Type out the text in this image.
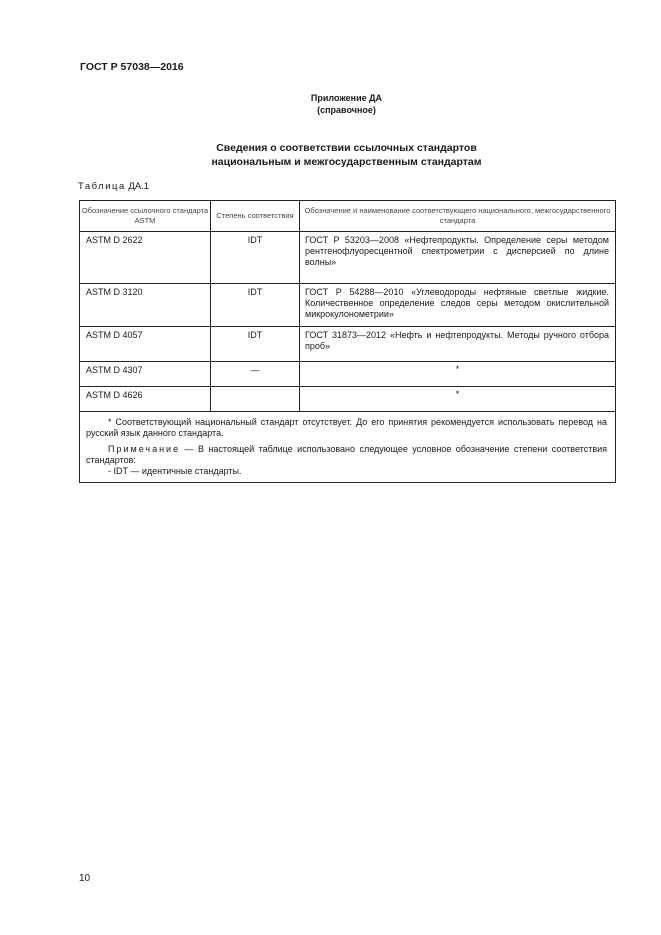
ГОСТ Р 57038—2016
Приложение ДА
(справочное)
Сведения о соответствии ссылочных стандартов
национальным и межгосударственным стандартам
Таблица ДА.1
Обозначение ссылочного стандарта ASTM	Степень соответствия	Обозначение и наименование соответствующего национального, межгосударственного стандарта
ASTM D 2622	IDT	ГОСТ Р 53203—2008 «Нефтепродукты. Определение серы методом рентгенофлуоресцентной спектрометрии с дисперсией по длине волны»
ASTM D 3120	IDT	ГОСТ Р 54288—2010 «Углеводороды нефтяные светлые жидкие. Количественное определение следов серы методом окислительной микрокулонометрии»
ASTM D 4057	IDT	ГОСТ 31873—2012 «Нефть и нефтепродукты. Методы ручного отбора проб»
ASTM D 4307	—	*
ASTM D 4626		*

* Соответствующий национальный стандарт отсутствует. До его принятия рекомендуется использовать перевод на русский язык данного стандарта.
Примечание — В настоящей таблице использовано следующее условное обозначение степени соответствия стандартов:
- IDT — идентичные стандарты.		
10
